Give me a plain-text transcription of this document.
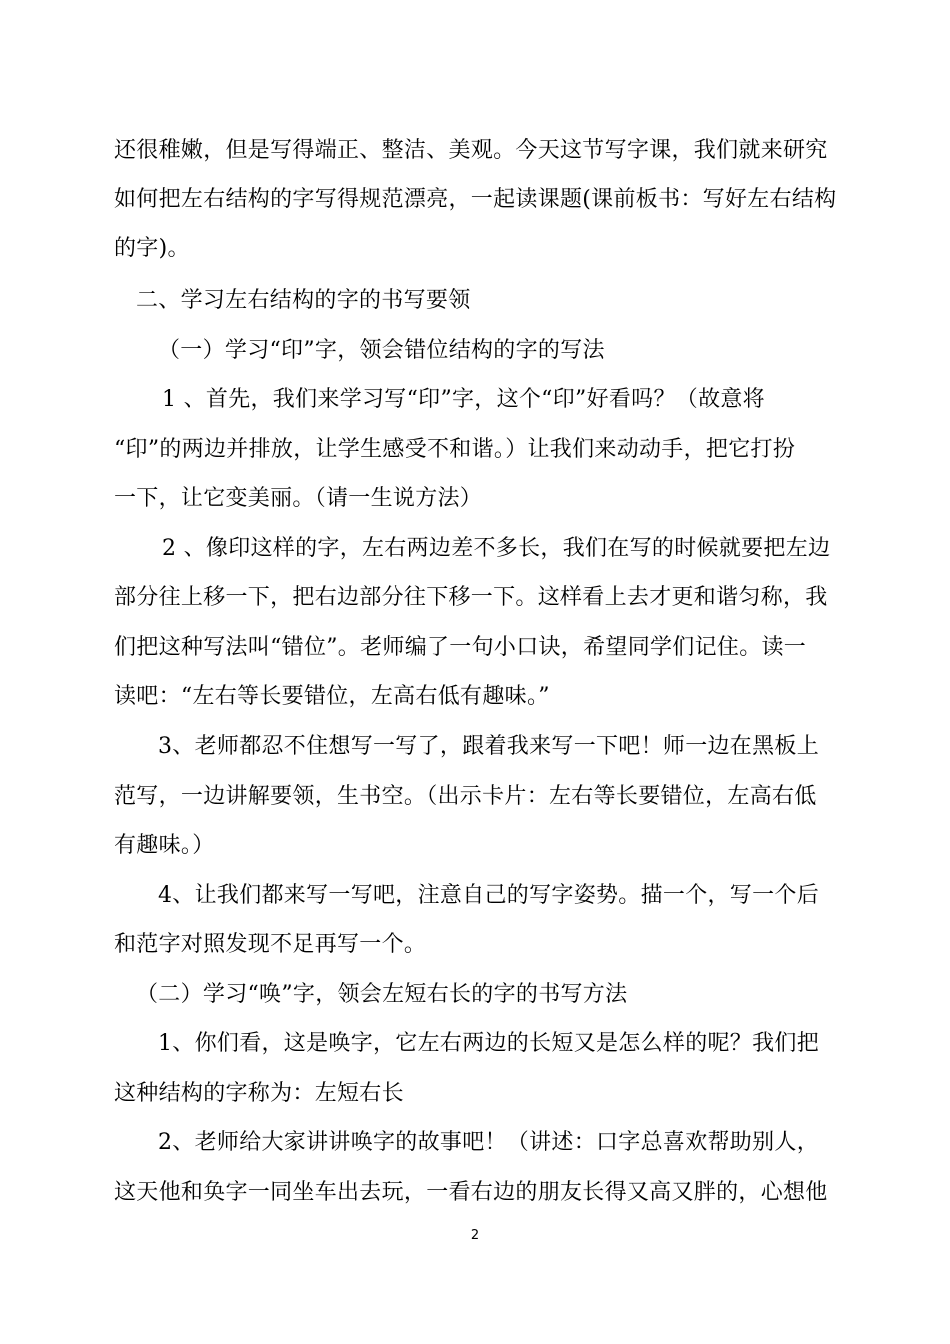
还很稚嫩，但是写得端正、整洁、美观。今天这节写字课，我们就来研究
如何把左右结构的字写得规范漂亮，一起读课题(课前板书：写好左右结构
的字)。
二、学习左右结构的字的书写要领
（一）学习“印”字，领会错位结构的字的写法
1 、首先，我们来学习写“印”字，这个“印”好看吗？（故意将
“印”的两边并排放，让学生感受不和谐。）让我们来动动手，把它打扮
一下，让它变美丽。（请一生说方法）
2 、像印这样的字，左右两边差不多长，我们在写的时候就要把左边
部分往上移一下，把右边部分往下移一下。这样看上去才更和谐匀称，我
们把这种写法叫“错位”。老师编了一句小口诀，希望同学们记住。读一
读吧：“左右等长要错位，左高右低有趣味。”
3、老师都忍不住想写一写了，跟着我来写一下吧！师一边在黑板上
范写，一边讲解要领，生书空。（出示卡片：左右等长要错位，左高右低
有趣味。）
4、让我们都来写一写吧，注意自己的写字姿势。描一个，写一个后
和范字对照发现不足再写一个。
（二）学习“唤”字，领会左短右长的字的书写方法
1、你们看，这是唤字，它左右两边的长短又是怎么样的呢？我们把
这种结构的字称为：左短右长
2、老师给大家讲讲唤字的故事吧！（讲述：口字总喜欢帮助别人，
这天他和奂字一同坐车出去玩，一看右边的朋友长得又高又胖的，心想他
2
